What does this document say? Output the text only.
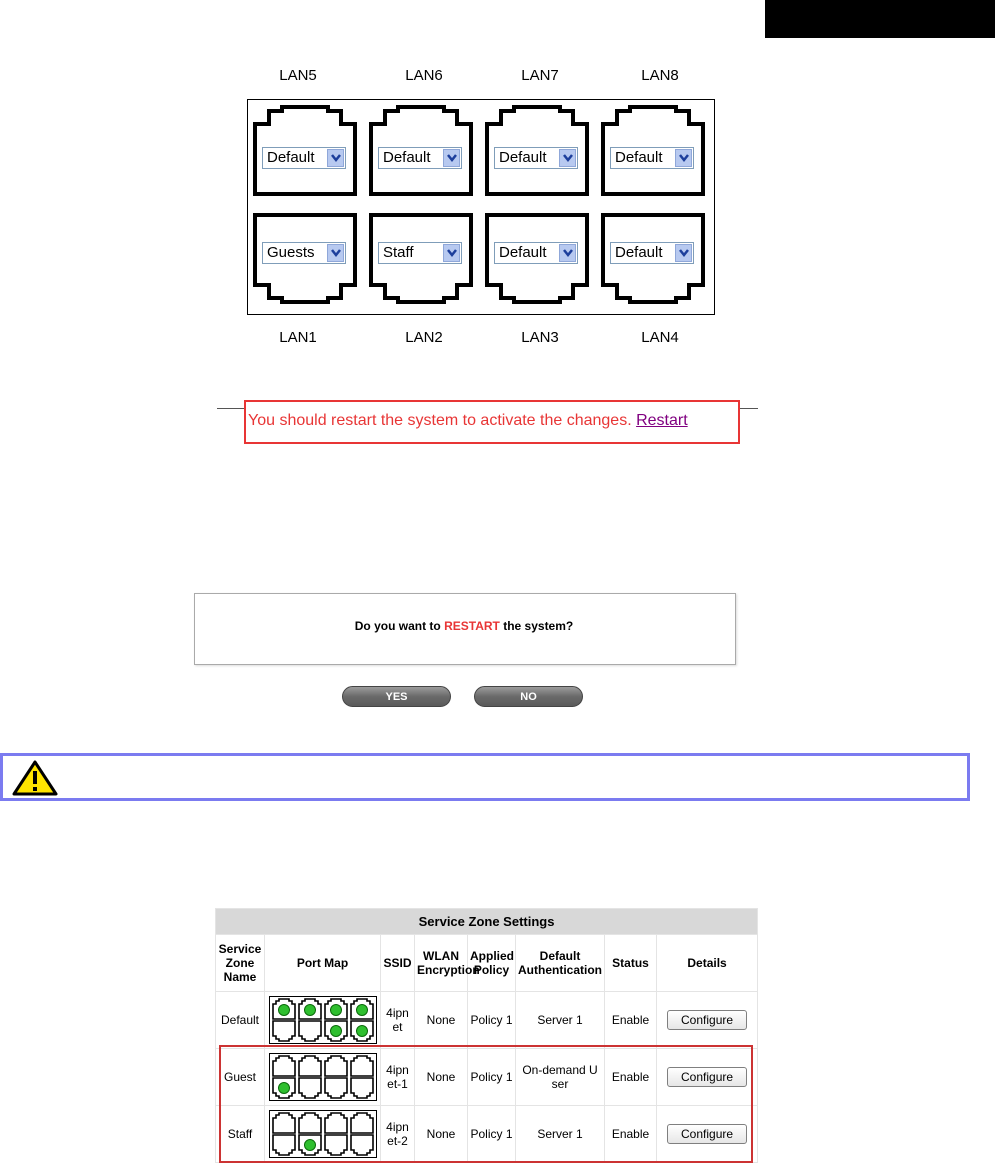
LAN5	LAN6	LAN7	LAN8
Default	Default	Default	Default
Guests	Staff	Default	Default
LAN1	LAN2	LAN3	LAN4
You should restart the system to activate the changes. Restart
Do you want to RESTART the system?
YES	NO
Service Zone Settings							
Service Zone Name	Port Map	SSID	WLAN Encryption	Applied Policy	Default Authentication	Status	Details
Default		4ipn et	None	Policy 1	Server 1	Enable	Configure
Guest		4ipn et-1	None	Policy 1	On-demand U ser	Enable	Configure
Staff		4ipn et-2	None	Policy 1	Server 1	Enable	Configure
